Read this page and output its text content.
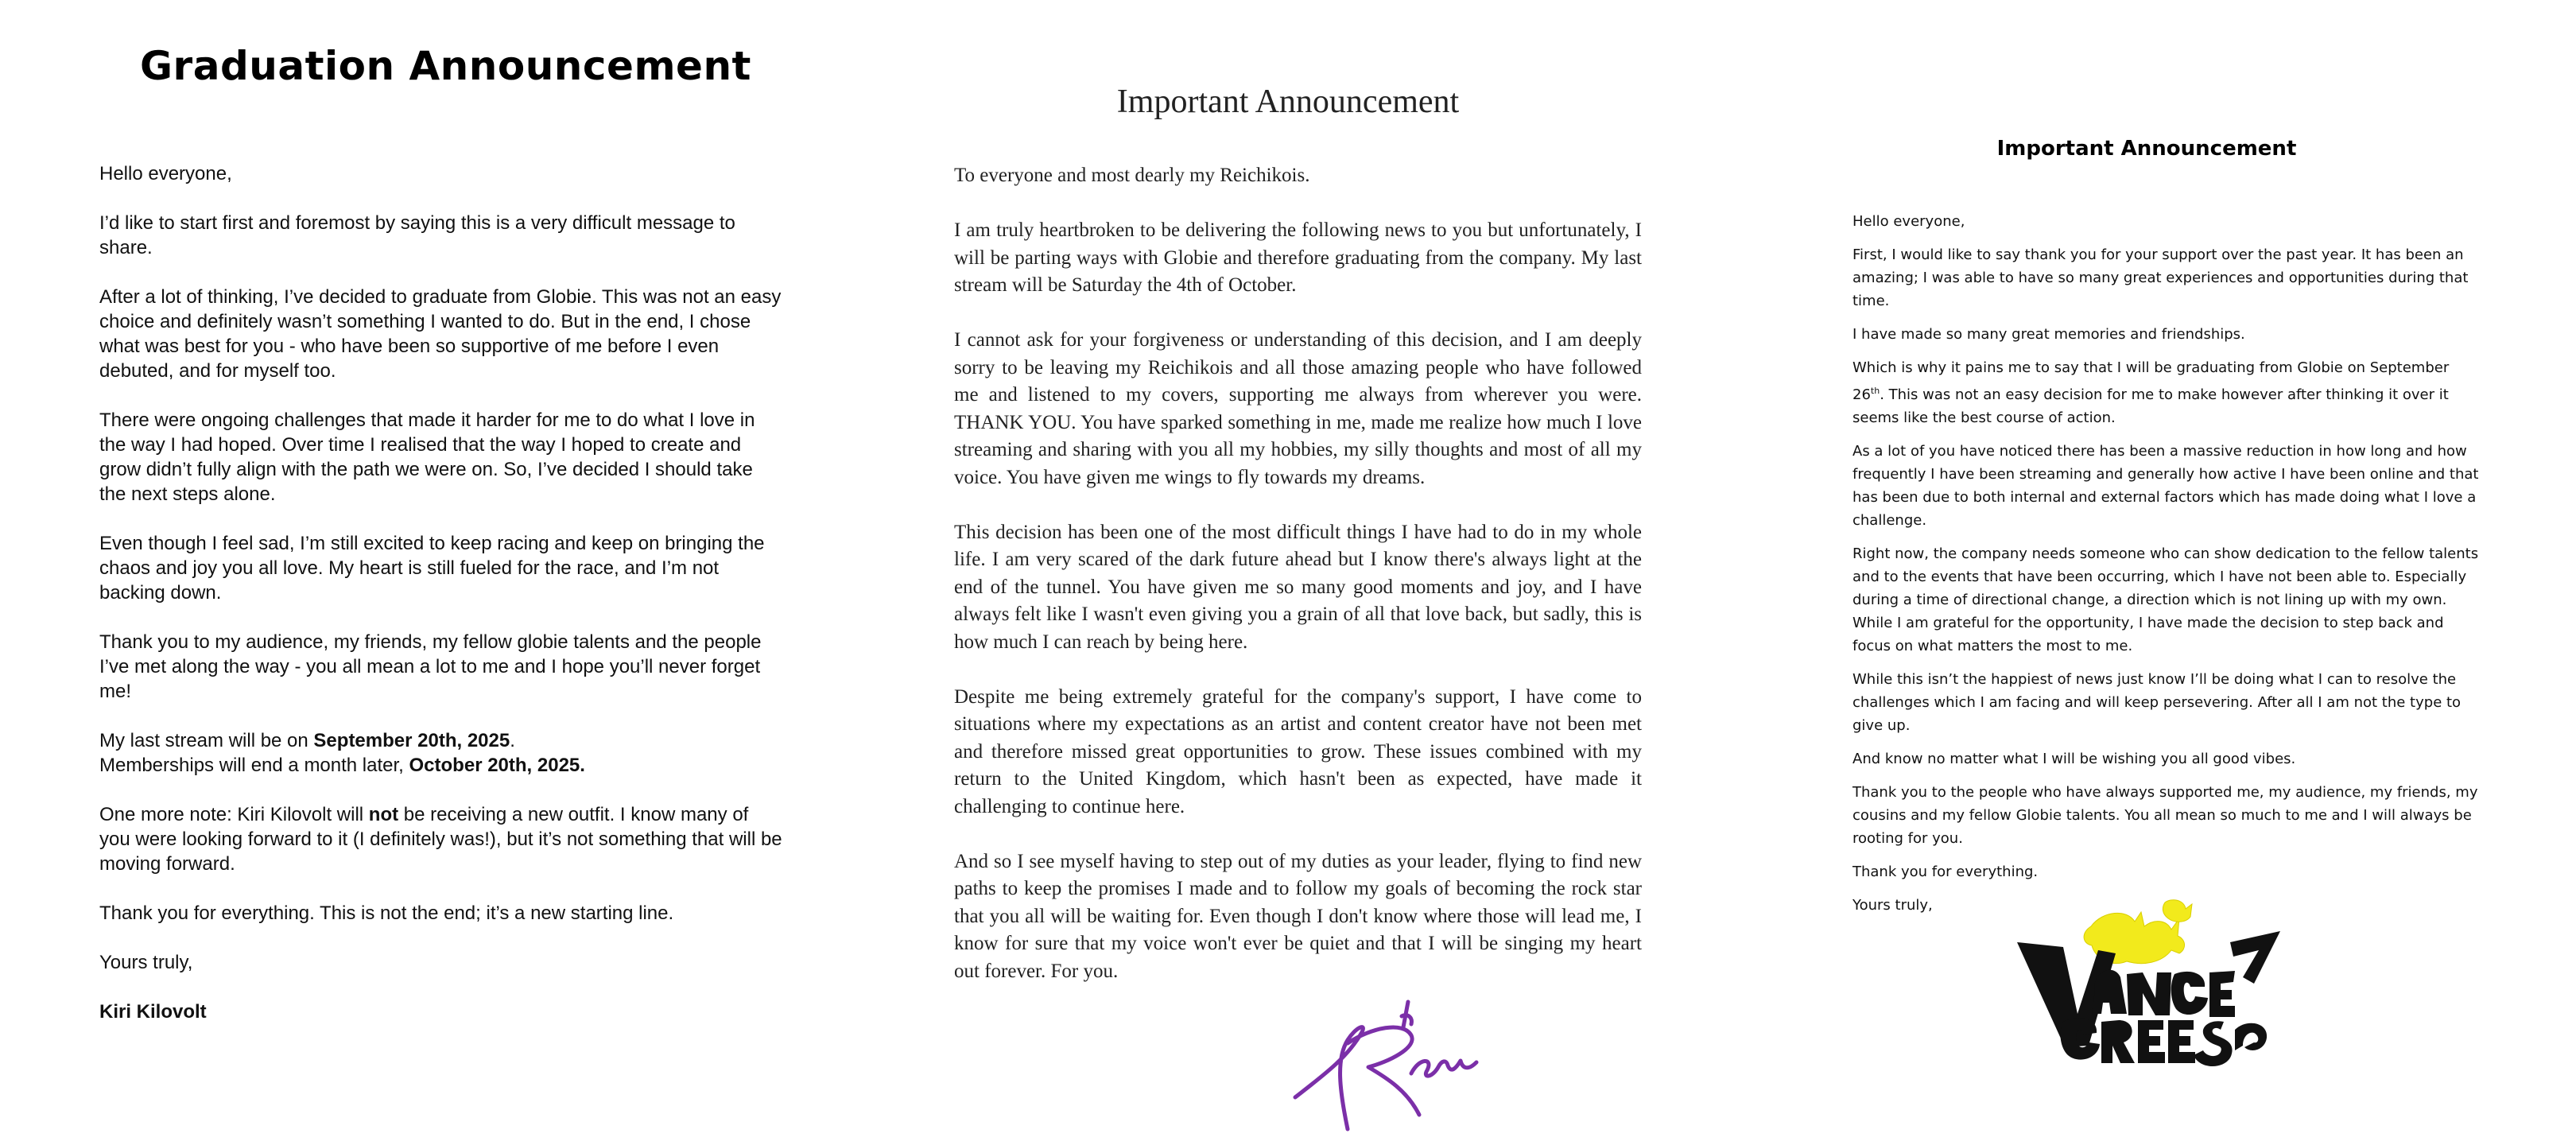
Graduation Announcement

Hello everyone,

I’d like to start first and foremost by saying this is a very difficult message to share.

After a lot of thinking, I’ve decided to graduate from Globie. This was not an easy choice and definitely wasn’t something I wanted to do. But in the end, I chose what was best for you - who have been so supportive of me before I even debuted, and for myself too.

There were ongoing challenges that made it harder for me to do what I love in the way I had hoped. Over time I realised that the way I hoped to create and grow didn’t fully align with the path we were on. So, I’ve decided I should take the next steps alone.

Even though I feel sad, I’m still excited to keep racing and keep on bringing the chaos and joy you all love. My heart is still fueled for the race, and I’m not backing down.

Thank you to my audience, my friends, my fellow globie talents and the people I’ve met along the way - you all mean a lot to me and I hope you’ll never forget me!

My last stream will be on September 20th, 2025.

Memberships will end a month later, October 20th, 2025.

One more note: Kiri Kilovolt will not be receiving a new outfit. I know many of you were looking forward to it (I definitely was!), but it’s not something that will be moving forward.

Thank you for everything. This is not the end; it’s a new starting line.

Yours truly,

Kiri Kilovolt

Important Announcement

To everyone and most dearly my Reichikois.

I am truly heartbroken to be delivering the following news to you but unfortunately, I will be parting ways with Globie and therefore graduating from the company. My last stream will be Saturday the 4th of October.

I cannot ask for your forgiveness or understanding of this decision, and I am deeply sorry to be leaving my Reichikois and all those amazing people who have followed me and listened to my covers, supporting me always from wherever you were. THANK YOU. You have sparked something in me, made me realize how much I love streaming and sharing with you all my hobbies, my silly thoughts and most of all my voice. You have given me wings to fly towards my dreams.

This decision has been one of the most difficult things I have had to do in my whole life. I am very scared of the dark future ahead but I know there's always light at the end of the tunnel. You have given me so many good moments and joy, and I have always felt like I wasn't even giving you a grain of all that love back, but sadly, this is how much I can reach by being here.

Despite me being extremely grateful for the company's support, I have come to situations where my expectations as an artist and content creator have not been met and therefore missed great opportunities to grow. These issues combined with my return to the United Kingdom, which hasn't been as expected, have made it challenging to continue here.

And so I see myself having to step out of my duties as your leader, flying to find new paths to keep the promises I made and to follow my goals of becoming the rock star that you all will be waiting for. Even though I don't know where those will lead me, I know for sure that my voice won't ever be quiet and that I will be singing my heart out forever. For you.

Important Announcement

Hello everyone,

First, I would like to say thank you for your support over the past year. It has been an amazing; I was able to have so many great experiences and opportunities during that time.

I have made so many great memories and friendships.

Which is why it pains me to say that I will be graduating from Globie on September 26th. This was not an easy decision for me to make however after thinking it over it seems like the best course of action.

As a lot of you have noticed there has been a massive reduction in how long and how frequently I have been streaming and generally how active I have been online and that has been due to both internal and external factors which has made doing what I love a challenge.

Right now, the company needs someone who can show dedication to the fellow talents and to the events that have been occurring, which I have not been able to. Especially during a time of directional change, a direction which is not lining up with my own. While I am grateful for the opportunity, I have made the decision to step back and focus on what matters the most to me.

While this isn’t the happiest of news just know I’ll be doing what I can to resolve the challenges which I am facing and will keep persevering. After all I am not the type to give up.

And know no matter what I will be wishing you all good vibes.

Thank you to the people who have always supported me, my audience, my friends, my cousins and my fellow Globie talents. You all mean so much to me and I will always be rooting for you.

Thank you for everything.

Yours truly,
